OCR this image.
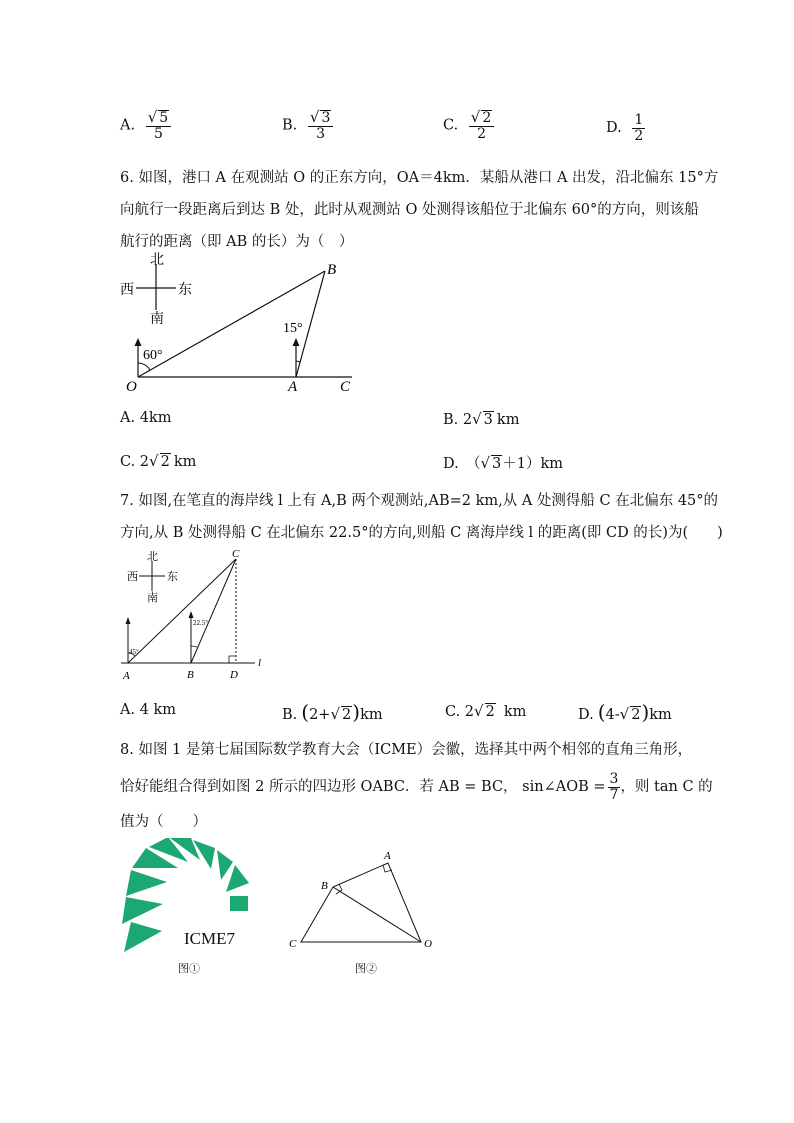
A. $\frac{√ 5}{5}$	B. $\frac{√ 3}{3}$	C. $\frac{√ 2}{2}$	D. $\frac{1}{2}$
6. 如图，港口 A 在观测站 O 的正东方向，OA＝4km．某船从港口 A 出发，沿北偏东 15°方
向航行一段距离后到达 B 处，此时从观测站 O 处测得该船位于北偏东 60°的方向，则该船
航行的距离（即 AB 的长）为（　）
北
南
西	东
60°
15°
O	A
B
C
A. 4km	B. 2√ 3 km
C. 2√ 2 km	D.　（√ 3＋1）km
7. 如图,在笔直的海岸线 l 上有 A,B 两个观测站,AB=2 km,从 A 处测得船 C 在北偏东 45°的
方向,从 B 处测得船 C 在北偏东 22.5°的方向,则船 C 离海岸线 l 的距离(即 CD 的长)为(　　)
北
南
西	东
45°
22.5°
A	B
C
D
l
A. 4 km	B. (2+√ 2)km	C. 2√ 2 km	D. (4-√ 2)km
8. 如图 1 是第七届国际数学教育大会（ICME）会徽，选择其中两个相邻的直角三角形，
恰好能组合得到如图 2 所示的四边形 OABC．若 AB = BC， sin∠AOB = $\frac{3}{7}$ ，则 tan C 的
值为（　　）
ICME7
图①
A
B
C	O
图②
